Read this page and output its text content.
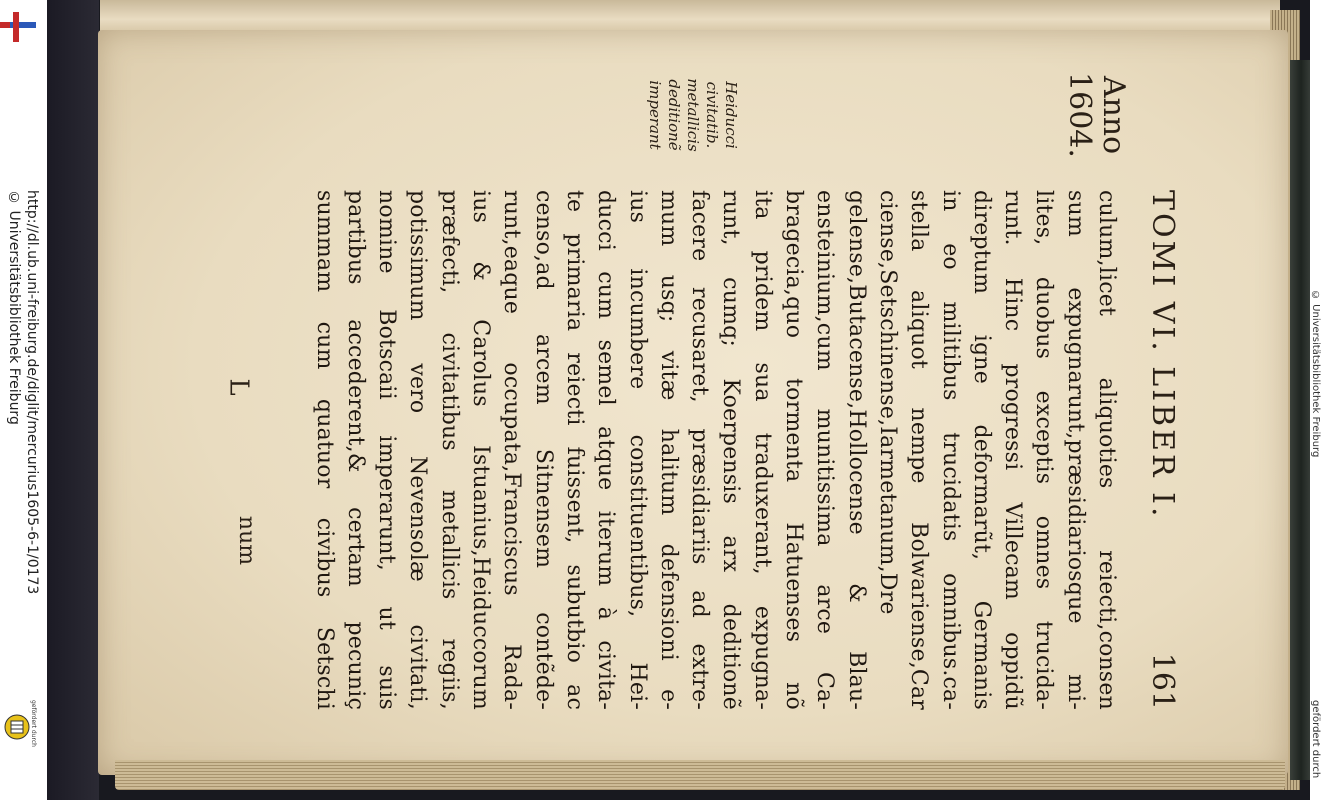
http://dl.ub.uni-freiburg.de/diglit/mercurius1605-6-1/0173
© Universitätsbibliothek Freiburg
gefördert durch
TOMI VI. LIBER I.
161
Anno
1604.
culum,licet aliquoties reiecti,consen
sum expugnarunt,præsidiariosque mi-
lites, duobus exceptis omnes trucida-
runt. Hinc progressi Villecam oppidũ
direptum igne deformarũt, Germanis
in eo militibus trucidatis omnibus.ca-
stella aliquot nempe Bolwariense,Car
ciense,Setschinense,Iarmetanum,Dre
gelense,Butacense,Hollocense & Blau-
ensteinium,cum munitissima arce Ca-
bragecia,quo tormenta Hatuenses nõ
ita pridem sua traduxerant, expugna-
runt, cumq; Koerpensis arx deditionẽ
facere recusaret, præsidiariis ad extre-
mum usq; vitæ halitum defensioni e-
ius incumbere constituentibus, Hei-
ducci cum semel atque iterum à civita-
te primaria reiecti fuissent, subutbio ac
censo,ad arcem Sitnensem contẽde-
runt,eaque occupata,Franciscus Rada-
ius & Carolus Istuanius,Heiduccorum
præfecti, civitatibus metallicis regiis,
potissimum vero Nevensolæ civitati,
nomine Botscaii imperarunt, ut suis
partibus accederent,& certam pecuniç
summam cum quatuor civibus Setschi
Heiducci
civitatib.
metallicis
deditionẽ
imperant
L
num
© Universitätsbibliothek Freiburg
gefördert durch
